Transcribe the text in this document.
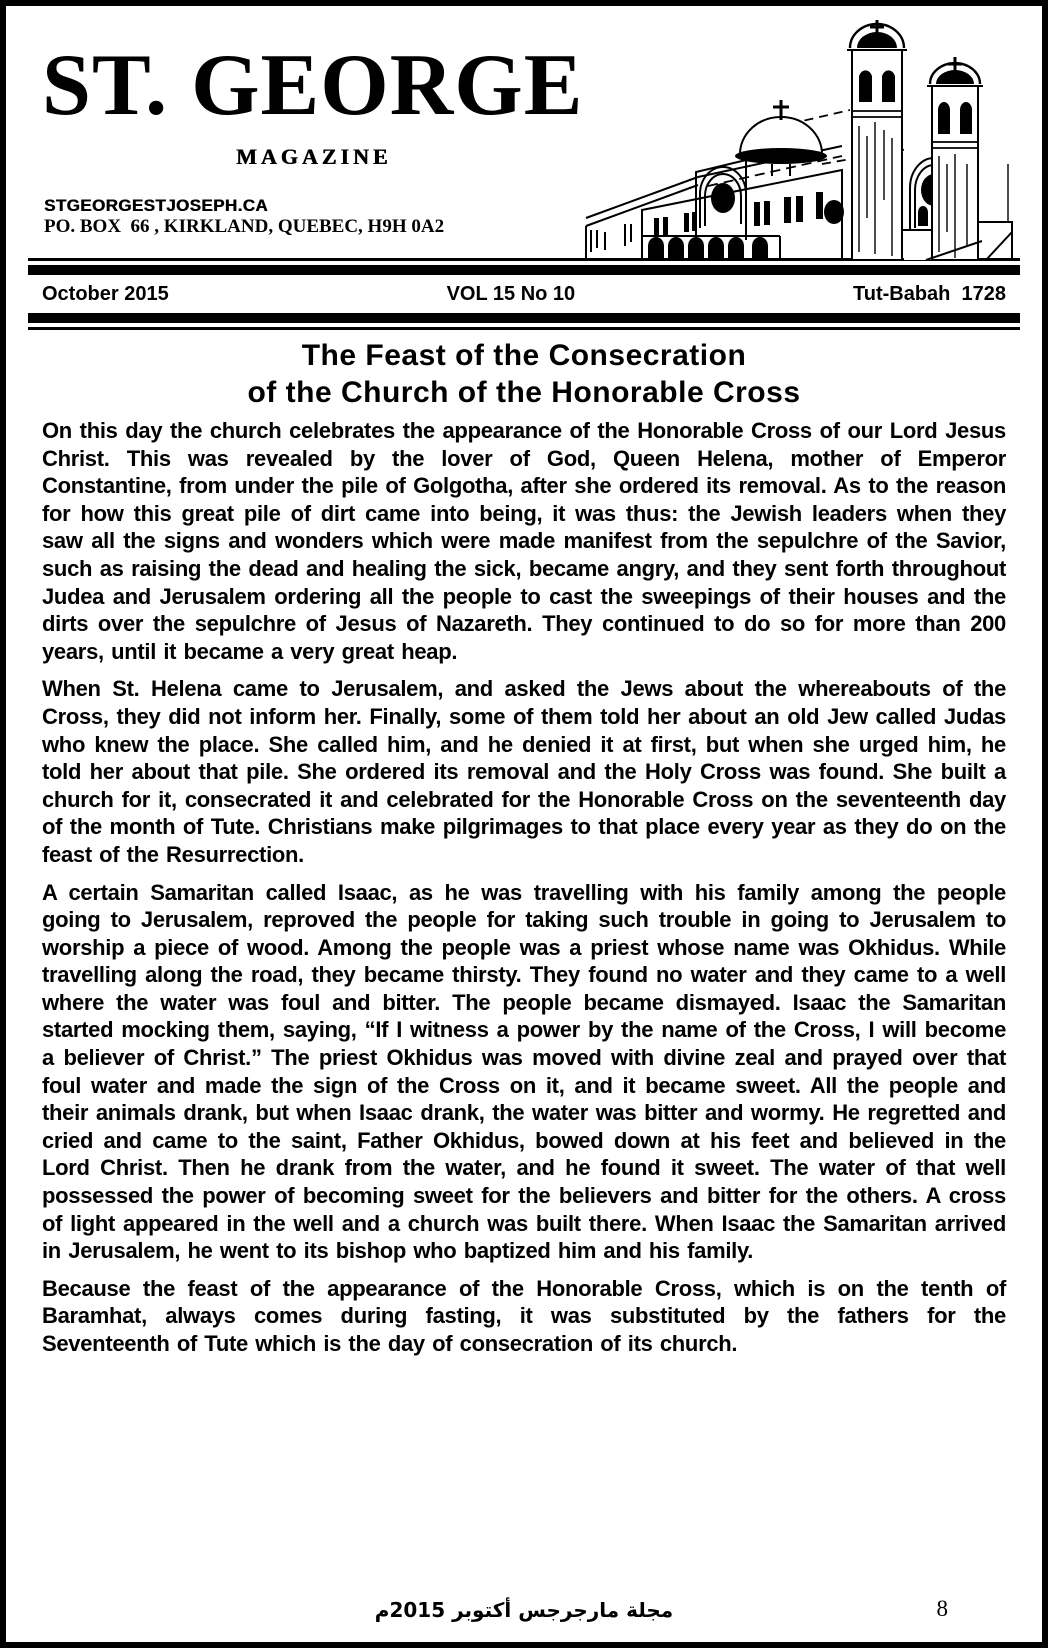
ST. GEORGE
MAGAZINE
STGEORGESTJOSEPH.CA
PO. BOX  66 , KIRKLAND, QUEBEC, H9H 0A2
October 2015	VOL 15 No 10	Tut-Babah  1728
The Feast of the Consecration
of the Church of the Honorable Cross

On this day the church celebrates the appearance of the Honorable Cross of our Lord Jesus Christ. This was revealed by the lover of God, Queen Helena, mother of Emperor Constantine, from under the pile of Golgotha, after she ordered its removal. As to the reason for how this great pile of dirt came into being, it was thus: the Jewish leaders when they saw all the signs and wonders which were made manifest from the sepulchre of the Savior, such as raising the dead and healing the sick, became angry, and they sent forth throughout Judea and Jerusalem ordering all the people to cast the sweepings of their houses and the dirts over the sepulchre of Jesus of Nazareth. They continued to do so for more than 200 years, until it became a very great heap.

When St. Helena came to Jerusalem, and asked the Jews about the whereabouts of the Cross, they did not inform her. Finally, some of them told her about an old Jew called Judas who knew the place. She called him, and he denied it at first, but when she urged him, he told her about that pile. She ordered its removal and the Holy Cross was found. She built a church for it, consecrated it and celebrated for the Honorable Cross on the seventeenth day of the month of Tute. Christians make pilgrimages to that place every year as they do on the feast of the Resurrection.

A certain Samaritan called Isaac, as he was travelling with his family among the people going to Jerusalem, reproved the people for taking such trouble in going to Jerusalem to worship a piece of wood. Among the people was a priest whose name was Okhidus. While travelling along the road, they became thirsty. They found no water and they came to a well where the water was foul and bitter. The people became dismayed. Isaac the Samaritan started mocking them, saying, “If I witness a power by the name of the Cross, I will become a believer of Christ.” The priest Okhidus was moved with divine zeal and prayed over that foul water and made the sign of the Cross on it, and it became sweet. All the people and their animals drank, but when Isaac drank, the water was bitter and wormy. He regretted and cried and came to the saint, Father Okhidus, bowed down at his feet and believed in the Lord Christ. Then he drank from the water, and he found it sweet. The water of that well possessed the power of becoming sweet for the believers and bitter for the others. A cross of light appeared in the well and a church was built there. When Isaac the Samaritan arrived in Jerusalem, he went to its bishop who baptized him and his family.

Because the feast of the appearance of the Honorable Cross, which is on the tenth of Baramhat, always comes during fasting, it was substituted by the fathers for the Seventeenth of Tute which is the day of consecration of its church.

مجلة مارجرجس أكتوبر 2015م	8
